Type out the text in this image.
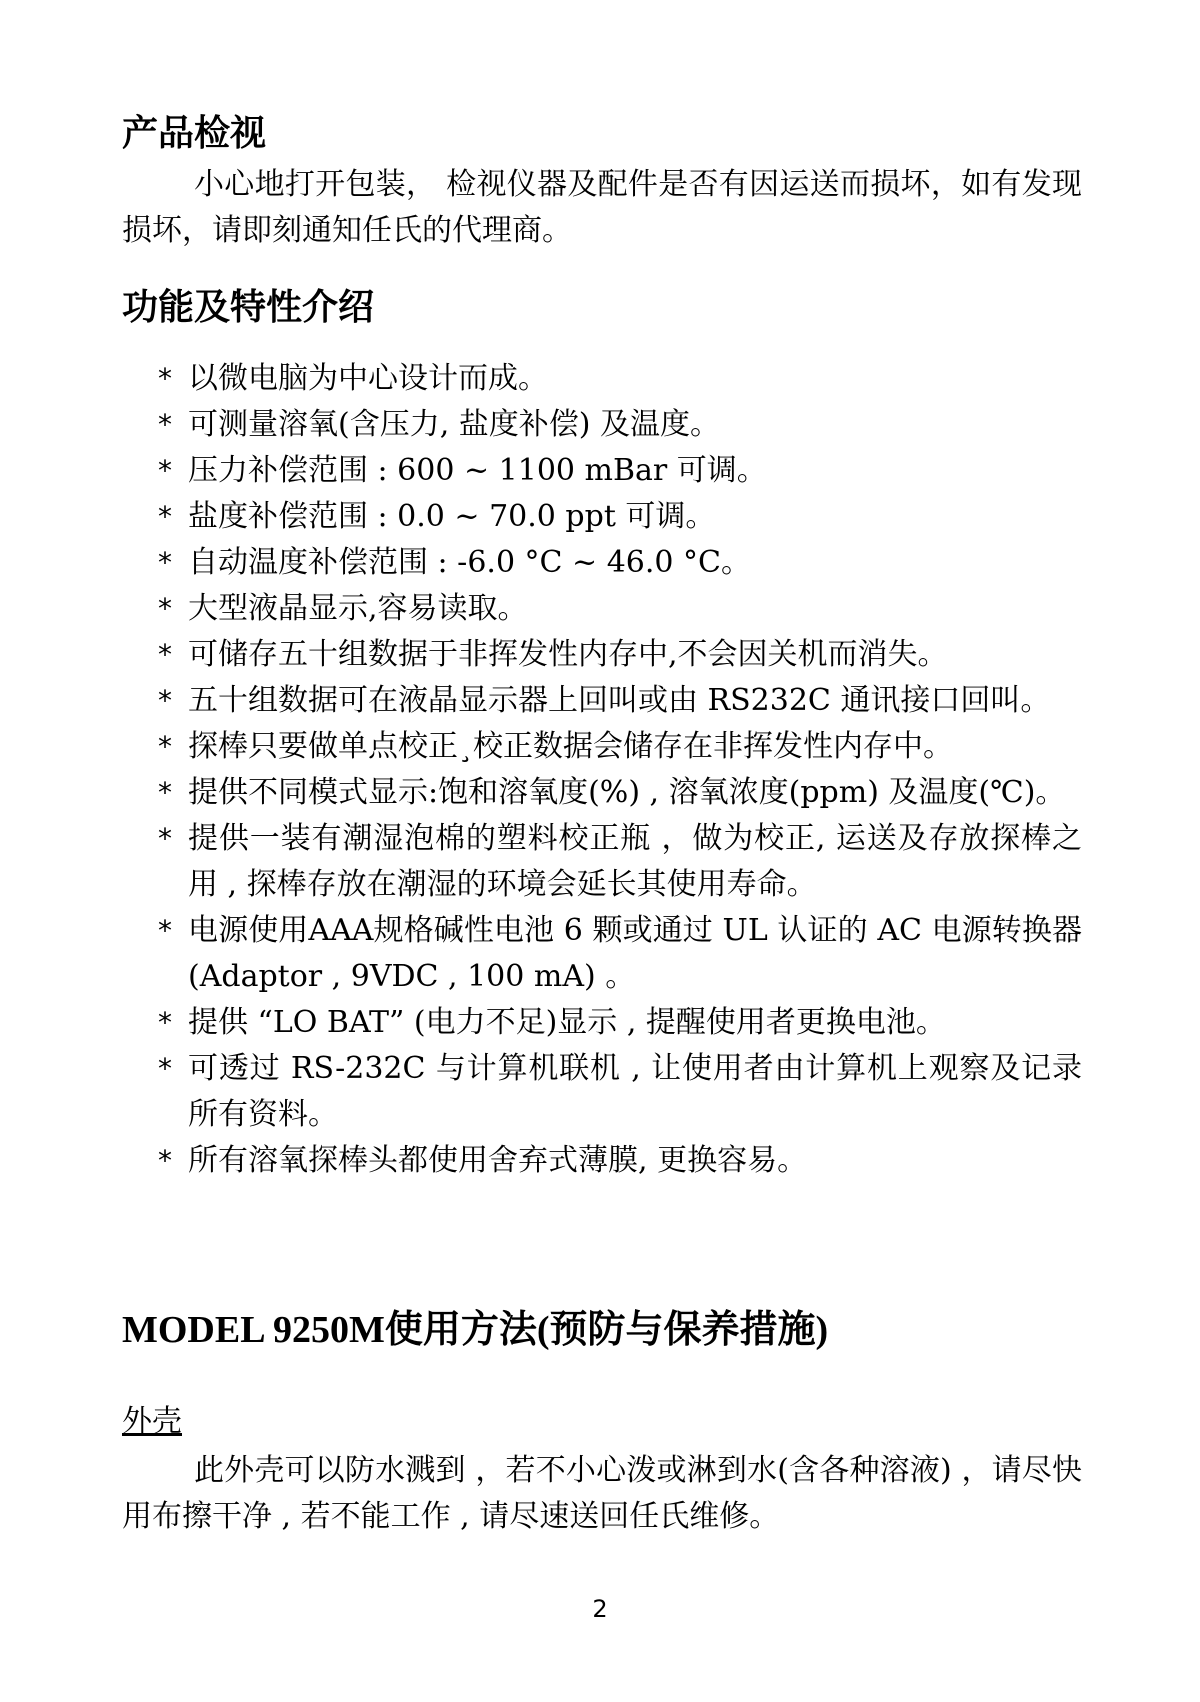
产品检视

小心地打开包装， 检视仪器及配件是否有因运送而损坏，如有发现损坏，请即刻通知任氏的代理商。

功能及特性介绍
* 以微电脑为中心设计而成。
* 可测量溶氧(含压力, 盐度补偿) 及温度。
* 压力补偿范围 : 600 ~ 1100 mBar 可调。
* 盐度补偿范围 : 0.0 ~ 70.0 ppt 可调。
* 自动温度补偿范围 : -6.0 °C ~ 46.0 °C。
* 大型液晶显示,容易读取。
* 可储存五十组数据于非挥发性内存中,不会因关机而消失。
* 五十组数据可在液晶显示器上回叫或由 RS232C 通讯接口回叫。
* 探棒只要做单点校正¸校正数据会储存在非挥发性内存中。
* 提供不同模式显示:饱和溶氧度(%) , 溶氧浓度(ppm) 及温度(℃)。
* 提供一装有潮湿泡棉的塑料校正瓶 ，做为校正, 运送及存放探棒之用 , 探棒存放在潮湿的环境会延长其使用寿命。
* 电源使用AAA规格碱性电池 6 颗或通过 UL 认证的 AC 电源转换器(Adaptor , 9VDC , 100 mA) 。
* 提供 “LO BAT” (电力不足)显示 , 提醒使用者更换电池。
* 可透过 RS-232C 与计算机联机 , 让使用者由计算机上观察及记录所有资料。
* 所有溶氧探棒头都使用舍弃式薄膜, 更换容易。
MODEL 9250M使用方法(预防与保养措施)
外壳

此外壳可以防水溅到 ，若不小心泼或淋到水(含各种溶液) ，请尽快用布擦干净 , 若不能工作 , 请尽速送回任氏维修。

2
